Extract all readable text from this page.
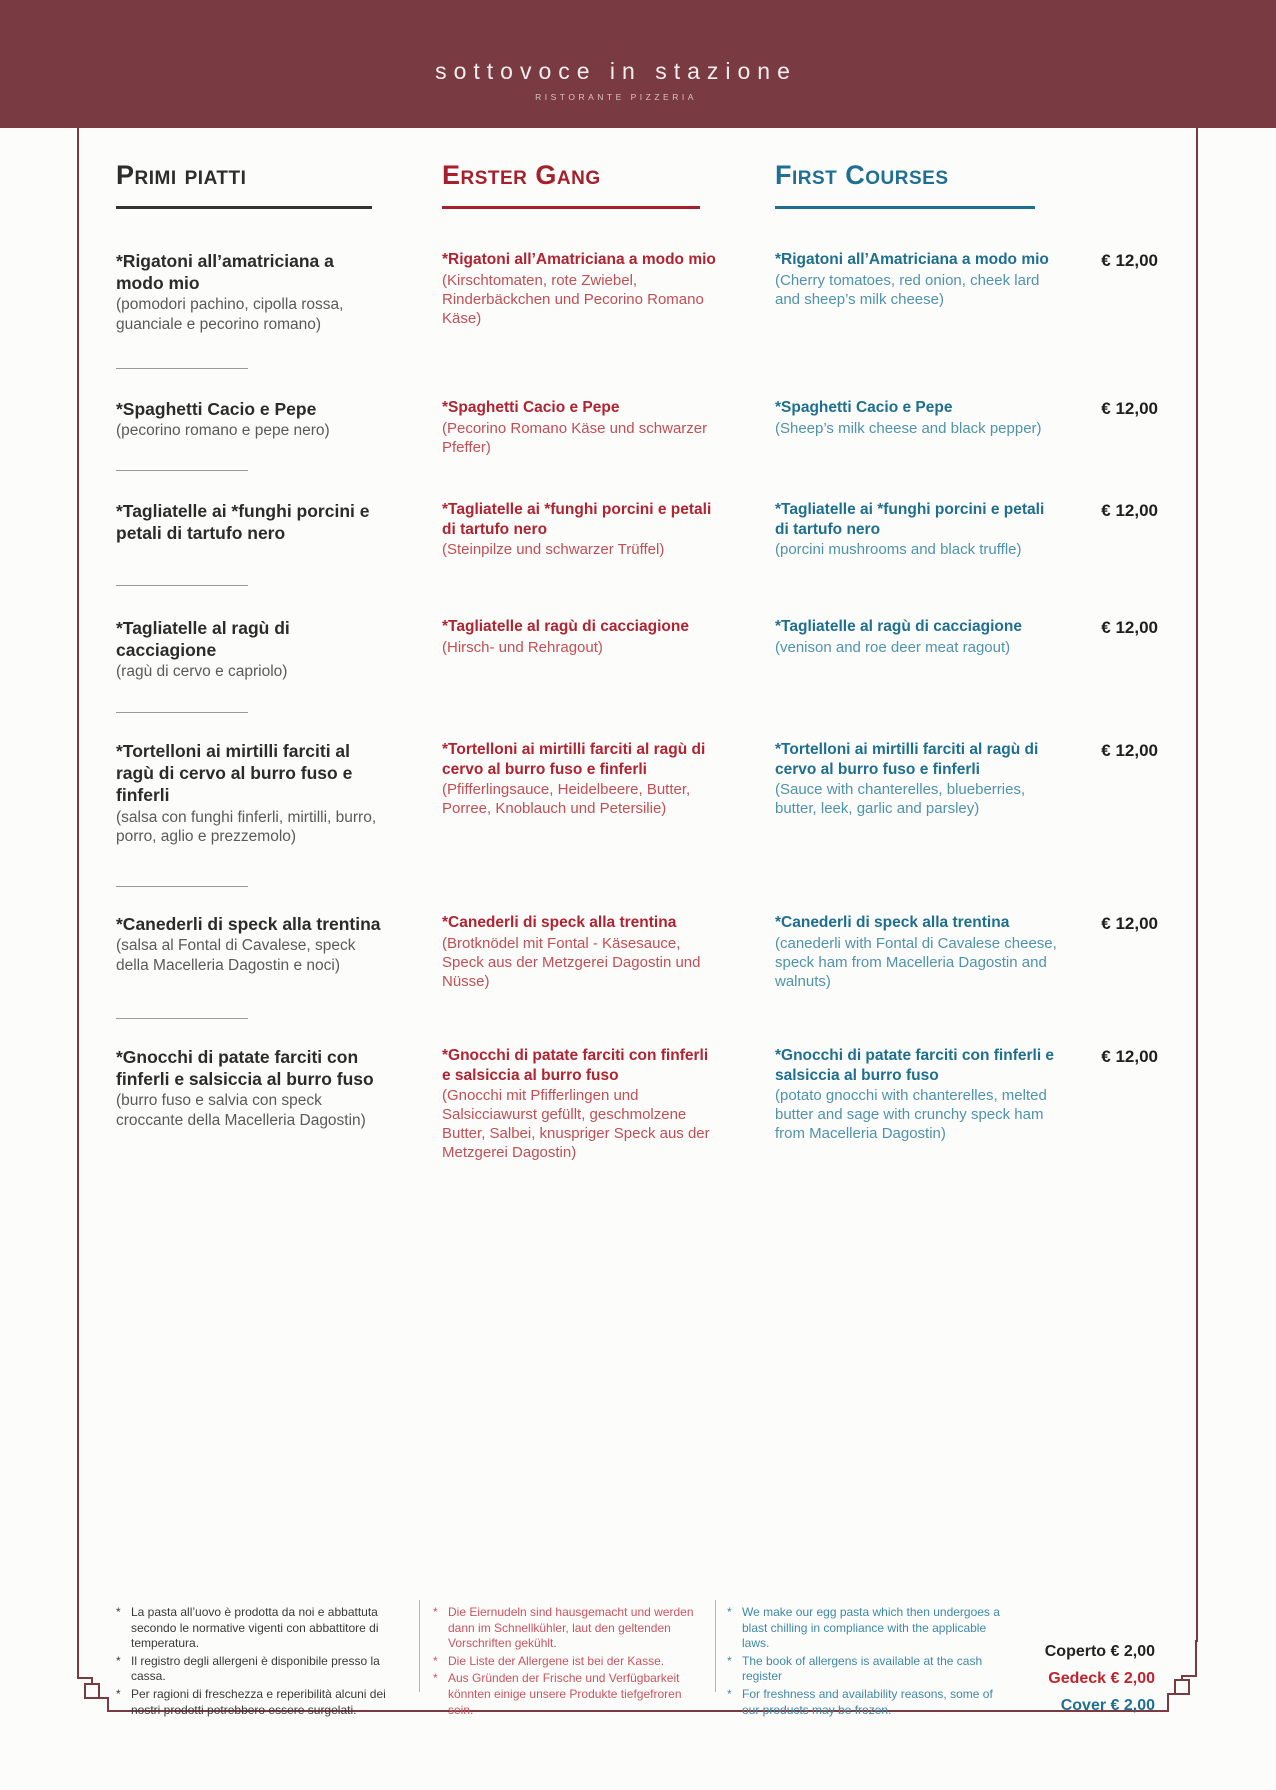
sottovoce in stazione
RISTORANTE PIZZERIA
Primi piatti	Erster Gang	First Courses
*Rigatoni all’amatriciana a modo mio
(pomodori pachino, cipolla rossa, guanciale e pecorino romano)
*Rigatoni all’Amatriciana a modo mio
(Kirschtomaten, rote Zwiebel, Rinderbäckchen und Pecorino Romano Käse)
*Rigatoni all’Amatriciana a modo mio
(Cherry tomatoes, red onion, cheek lard and sheep’s milk cheese)
€ 12,00
*Spaghetti Cacio e Pepe
(pecorino romano e pepe nero)
*Spaghetti Cacio e Pepe
(Pecorino Romano Käse und schwarzer Pfeffer)
*Spaghetti Cacio e Pepe
(Sheep’s milk cheese and black pepper)
€ 12,00
*Tagliatelle ai *funghi porcini e petali di tartufo nero
*Tagliatelle ai *funghi porcini e petali di tartufo nero
(Steinpilze und schwarzer Trüffel)
*Tagliatelle ai *funghi porcini e petali di tartufo nero
(porcini mushrooms and black truffle)
€ 12,00
*Tagliatelle al ragù di cacciagione
(ragù di cervo e capriolo)
*Tagliatelle al ragù di cacciagione
(Hirsch- und Rehragout)
*Tagliatelle al ragù di cacciagione
(venison and roe deer meat ragout)
€ 12,00
*Tortelloni ai mirtilli farciti al ragù di cervo al burro fuso e finferli
(salsa con funghi finferli, mirtilli, burro, porro, aglio e prezzemolo)
*Tortelloni ai mirtilli farciti al ragù di cervo al burro fuso e finferli
(Pfifferlingsauce, Heidelbeere, Butter, Porree, Knoblauch und Petersilie)
*Tortelloni ai mirtilli farciti al ragù di cervo al burro fuso e finferli
(Sauce with chanterelles, blueberries, butter, leek, garlic and parsley)
€ 12,00
*Canederli di speck alla trentina
(salsa al Fontal di Cavalese, speck della Macelleria Dagostin e noci)
*Canederli di speck alla trentina
(Brotknödel mit Fontal - Käsesauce, Speck aus der Metzgerei Dagostin und Nüsse)
*Canederli di speck alla trentina
(canederli with Fontal di Cavalese cheese, speck ham from Macelleria Dagostin and walnuts)
€ 12,00
*Gnocchi di patate farciti con finferli e salsiccia al burro fuso
(burro fuso e salvia con speck croccante della Macelleria Dagostin)
*Gnocchi di patate farciti con finferli e salsiccia al burro fuso
(Gnocchi mit Pfifferlingen und Salsicciawurst gefüllt, geschmolzene Butter, Salbei, knuspriger Speck aus der Metzgerei Dagostin)
*Gnocchi di patate farciti con finferli e salsiccia al burro fuso
(potato gnocchi with chanterelles, melted butter and sage with crunchy speck ham from Macelleria Dagostin)
€ 12,00
* La pasta all’uovo è prodotta da noi e abbattuta secondo le normative vigenti con abbattitore di temperatura.
* Il registro degli allergeni è disponibile presso la cassa.
* Per ragioni di freschezza e reperibilità alcuni dei nostri prodotti potrebbero essere surgelati.
* Die Eiernudeln sind hausgemacht und werden dann im Schnellkühler, laut den geltenden Vorschriften gekühlt.
* Die Liste der Allergene ist bei der Kasse.
* Aus Gründen der Frische und Verfügbarkeit könnten einige unsere Produkte tiefgefroren sein.
* We make our egg pasta which then undergoes a blast chilling in compliance with the applicable laws.
* The book of allergens is available at the cash register
* For freshness and availability reasons, some of our products may be frozen.
Coperto € 2,00
Gedeck € 2,00
Cover € 2,00
